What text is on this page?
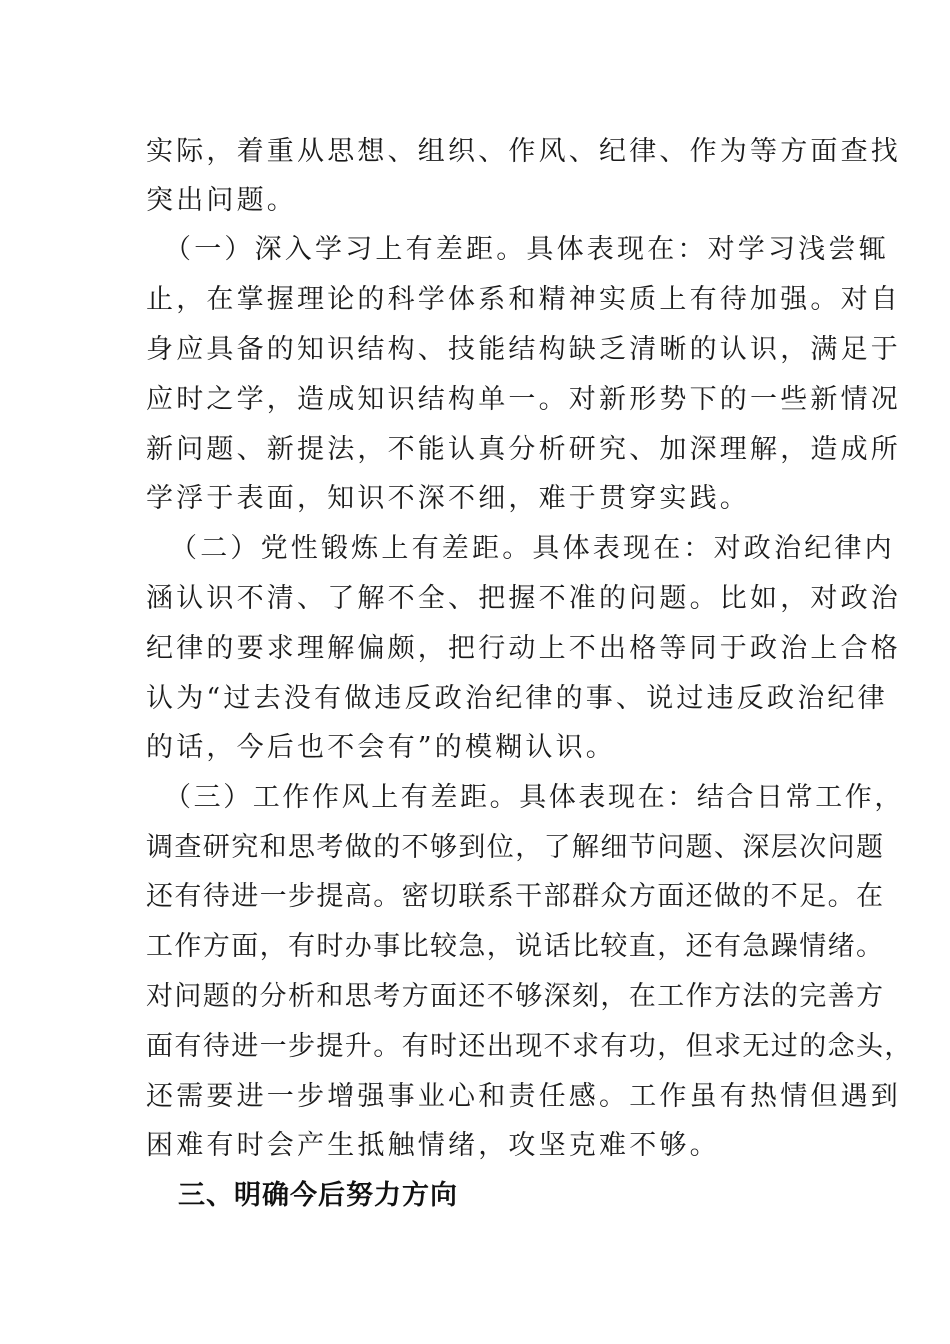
实际，着重从思想、组织、作风、纪律、作为等方面查找
突出问题。
（一）深入学习上有差距。具体表现在：对学习浅尝辄
止，在掌握理论的科学体系和精神实质上有待加强。对自
身应具备的知识结构、技能结构缺乏清晰的认识，满足于
应时之学，造成知识结构单一。对新形势下的一些新情况
新问题、新提法，不能认真分析研究、加深理解，造成所
学浮于表面，知识不深不细，难于贯穿实践。
（二）党性锻炼上有差距。具体表现在：对政治纪律内
涵认识不清、了解不全、把握不准的问题。比如，对政治
纪律的要求理解偏颇，把行动上不出格等同于政治上合格
认为“过去没有做违反政治纪律的事、说过违反政治纪律
的话，今后也不会有”的模糊认识。
（三）工作作风上有差距。具体表现在：结合日常工作，
调查研究和思考做的不够到位，了解细节问题、深层次问题
还有待进一步提高。密切联系干部群众方面还做的不足。在
工作方面，有时办事比较急，说话比较直，还有急躁情绪。
对问题的分析和思考方面还不够深刻，在工作方法的完善方
面有待进一步提升。有时还出现不求有功，但求无过的念头，
还需要进一步增强事业心和责任感。工作虽有热情但遇到
困难有时会产生抵触情绪，攻坚克难不够。
三、明确今后努力方向
